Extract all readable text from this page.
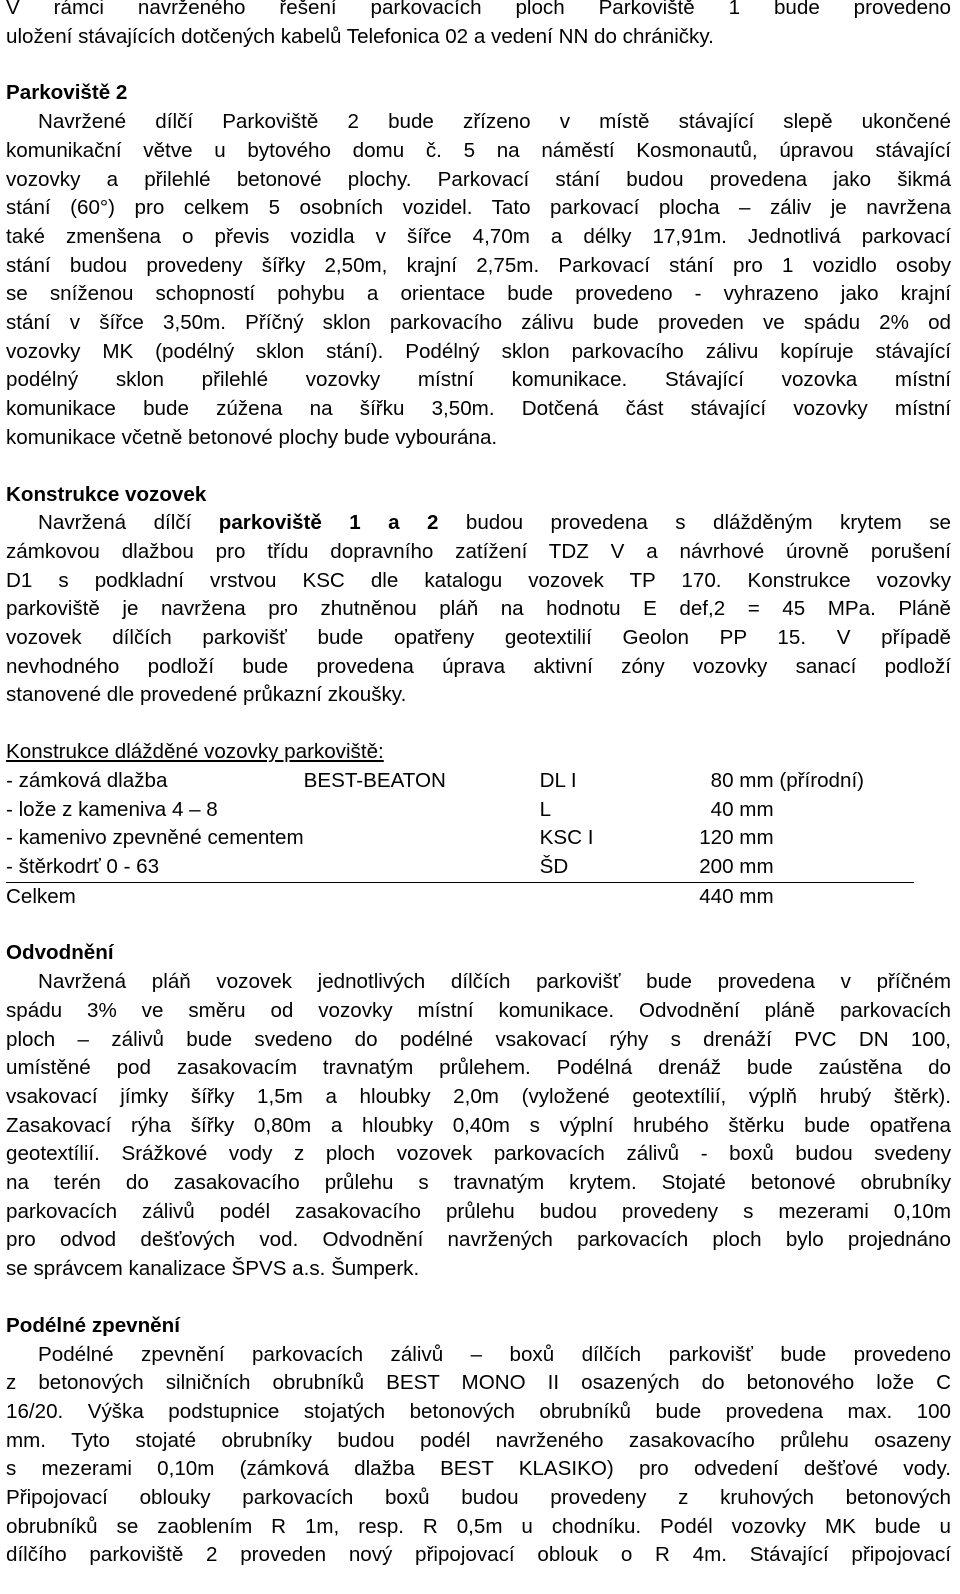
V rámci navrženého řešení parkovacích ploch Parkoviště 1 bude provedeno

uložení stávajících dotčených kabelů Telefonica 02 a vedení NN do chráničky.

Parkoviště 2

Navržené dílčí Parkoviště 2 bude zřízeno v místě stávající slepě ukončené

komunikační větve u bytového domu č. 5 na náměstí Kosmonautů, úpravou stávající

vozovky a přilehlé betonové plochy. Parkovací stání budou provedena jako šikmá

stání (60°) pro celkem 5 osobních vozidel. Tato parkovací plocha – záliv je navržena

také zmenšena o převis vozidla v šířce 4,70m a délky 17,91m. Jednotlivá parkovací

stání budou provedeny šířky 2,50m, krajní 2,75m. Parkovací stání pro 1 vozidlo osoby

se sníženou schopností pohybu a orientace bude provedeno - vyhrazeno jako krajní

stání v šířce 3,50m. Příčný sklon parkovacího zálivu bude proveden ve spádu 2% od

vozovky MK (podélný sklon stání). Podélný sklon parkovacího zálivu kopíruje stávající

podélný sklon přilehlé vozovky místní komunikace. Stávající vozovka místní

komunikace bude zúžena na šířku 3,50m. Dotčená část stávající vozovky místní

komunikace včetně betonové plochy bude vybourána.

Konstrukce vozovek

Navržená dílčí parkoviště 1 a 2 budou provedena s dlážděným krytem se

zámkovou dlažbou pro třídu dopravního zatížení TDZ V a návrhové úrovně porušení

D1 s podkladní vrstvou KSC dle katalogu vozovek TP 170. Konstrukce vozovky

parkoviště je navržena pro zhutněnou pláň na hodnotu E def,2 = 45 MPa. Pláně

vozovek dílčích parkovišť bude opatřeny geotextilií Geolon PP 15. V případě

nevhodného podloží bude provedena úprava aktivní zóny vozovky sanací podloží

stanovené dle provedené průkazní zkoušky.

Konstrukce dlážděné vozovky parkoviště:

- zámková dlažba	BEST-BEATON	DL I	80 mm (přírodní)
- lože z kameniva 4 – 8		L	40 mm
- kamenivo zpevněné cementem		KSC I	120 mm
- štěrkodrť 0 - 63		ŠD	200 mm
Celkem			440 mm

Odvodnění

Navržená pláň vozovek jednotlivých dílčích parkovišť bude provedena v příčném

spádu 3% ve směru od vozovky místní komunikace. Odvodnění pláně parkovacích

ploch – zálivů bude svedeno do podélné vsakovací rýhy s drenáží PVC DN 100,

umístěné pod zasakovacím travnatým průlehem. Podélná drenáž bude zaústěna do

vsakovací jímky šířky 1,5m a hloubky 2,0m (vyložené geotextílií, výplň hrubý štěrk).

Zasakovací rýha šířky 0,80m a hloubky 0,40m s výplní hrubého štěrku bude opatřena

geotextílií. Srážkové vody z ploch vozovek parkovacích zálivů - boxů budou svedeny

na terén do zasakovacího průlehu s travnatým krytem. Stojaté betonové obrubníky

parkovacích zálivů podél zasakovacího průlehu budou provedeny s mezerami 0,10m

pro odvod dešťových vod. Odvodnění navržených parkovacích ploch bylo projednáno

se správcem kanalizace ŠPVS a.s. Šumperk.

Podélné zpevnění

Podélné zpevnění parkovacích zálivů – boxů dílčích parkovišť bude provedeno

z betonových silničních obrubníků BEST MONO II osazených do betonového lože C

16/20. Výška podstupnice stojatých betonových obrubníků bude provedena max. 100

mm. Tyto stojaté obrubníky budou podél navrženého zasakovacího průlehu osazeny

s mezerami 0,10m (zámková dlažba BEST KLASIKO) pro odvedení dešťové vody.

Připojovací oblouky parkovacích boxů budou provedeny z kruhových betonových

obrubníků se zaoblením R 1m, resp. R 0,5m u chodníku. Podél vozovky MK bude u

dílčího parkoviště 2 proveden nový připojovací oblouk o R 4m. Stávající připojovací
